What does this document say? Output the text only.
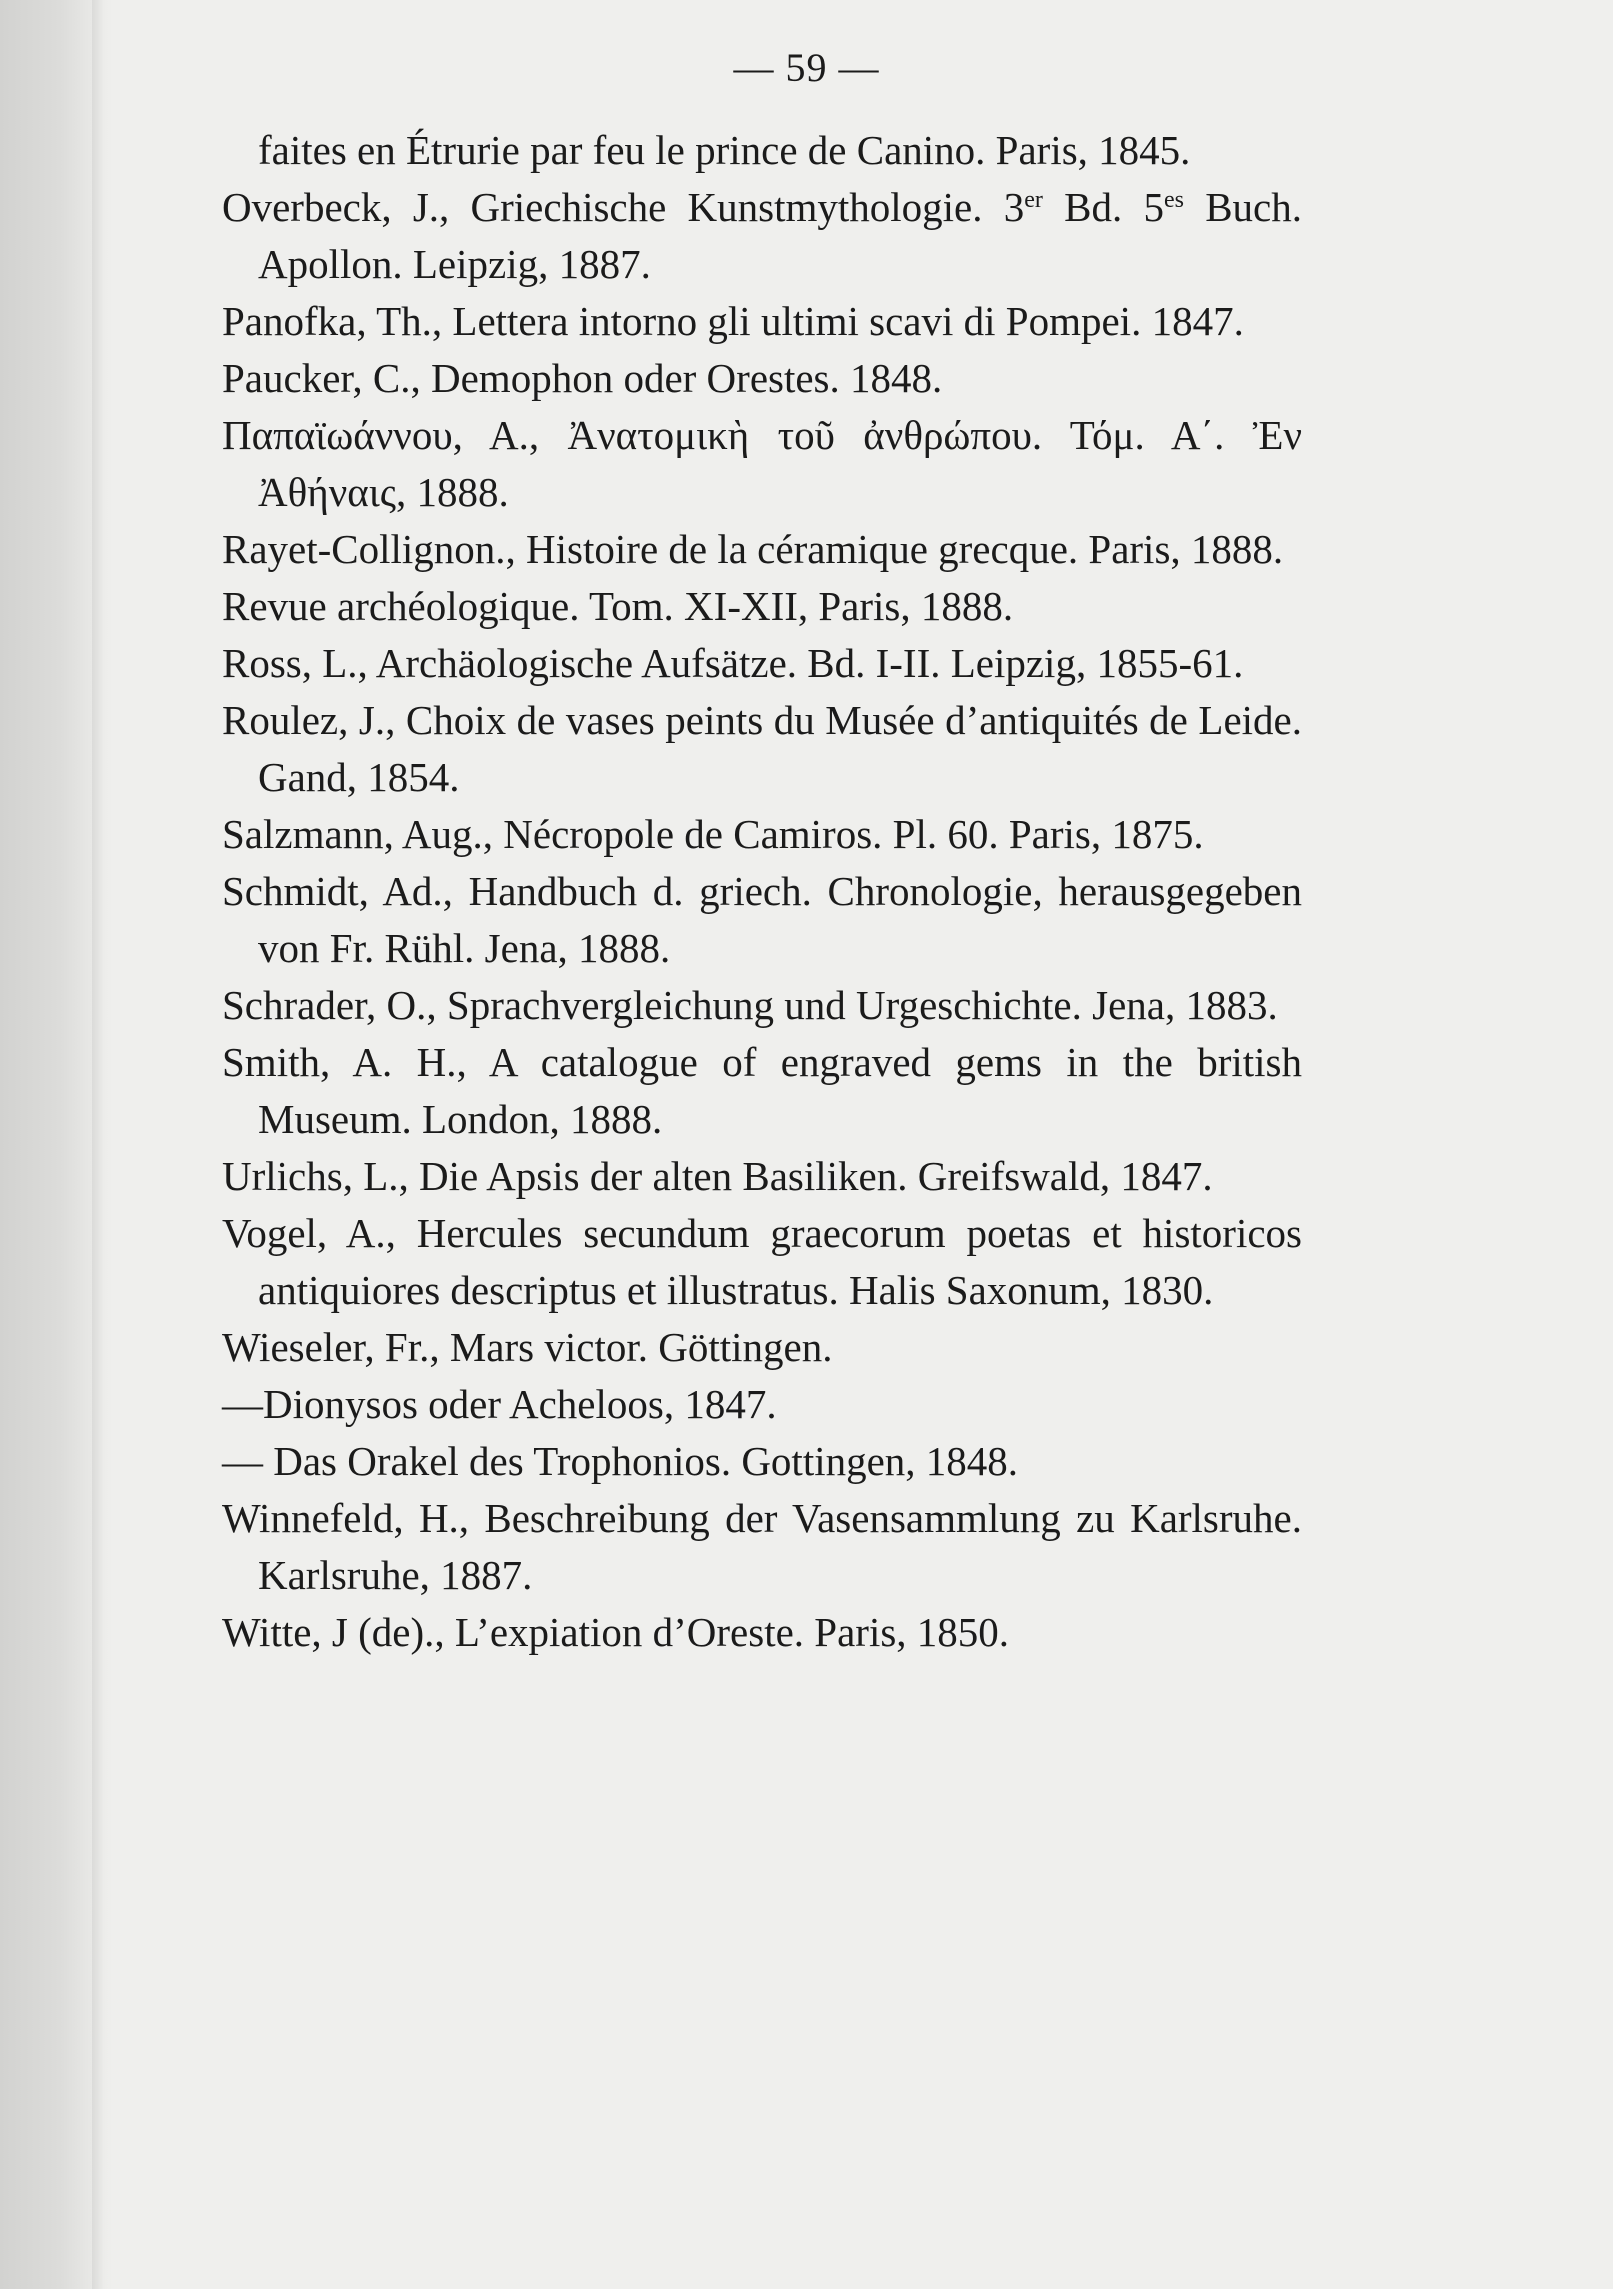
— 59 —
faites en Étrurie par feu le prince de Canino. Paris, 1845.
Overbeck, J., Griechische Kunstmythologie. 3er Bd. $5^{es}$ Buch. Apollon. Leipzig, 1887.
Panofka, Th., Lettera intorno gli ultimi scavi di Pompei. 1847.
Paucker, C., Demophon oder Orestes. 1848.
Παπαϊωάννου, Α., Ἀνατομικὴ τοῦ ἀνθρώπου. Τόμ. Α΄. Ἐν Ἀθήναις, 1888.
Rayet-Collignon., Histoire de la céramique grecque. Paris, 1888.
Revue archéologique. Tom. XI-XII, Paris, 1888.
Ross, L., Archäologische Aufsätze. Bd. I-II. Leipzig, 1855-61.
Roulez, J., Choix de vases peints du Musée d’antiquités de Leide. Gand, 1854.
Salzmann, Aug., Nécropole de Camiros. Pl. 60. Paris, 1875.
Schmidt, Ad., Handbuch d. griech. Chronologie, herausgegeben von Fr. Rühl. Jena, 1888.
Schrader, O., Sprachvergleichung und Urgeschichte. Jena, 1883.
Smith, A. H., A catalogue of engraved gems in the british Museum. London, 1888.
Urlichs, L., Die Apsis der alten Basiliken. Greifswald, 1847.
Vogel, A., Hercules secundum graecorum poetas et historicos antiquiores descriptus et illustratus. Halis Saxonum, 1830.
Wieseler, Fr., Mars victor. Göttingen.
—Dionysos oder Acheloos, 1847.
— Das Orakel des Trophonios. Gottingen, 1848.
Winnefeld, H., Beschreibung der Vasensammlung zu Karlsruhe. Karlsruhe, 1887.
Witte, J (de)., L’expiation d’Oreste. Paris, 1850.
